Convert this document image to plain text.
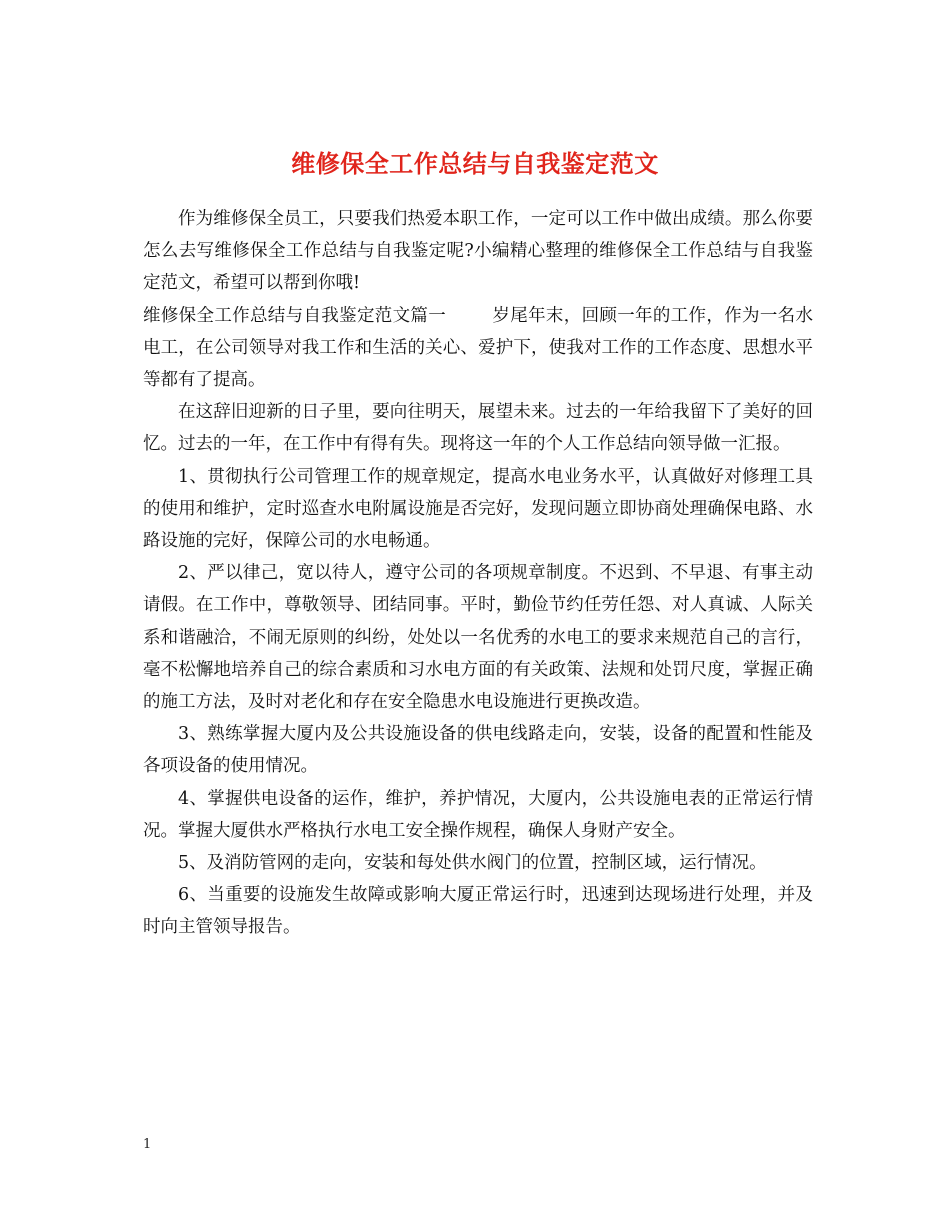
维修保全工作总结与自我鉴定范文

作为维修保全员工，只要我们热爱本职工作，一定可以工作中做出成绩。那么你要怎么去写维修保全工作总结与自我鉴定呢?小编精心整理的维修保全工作总结与自我鉴定范文，希望可以帮到你哦!

维修保全工作总结与自我鉴定范文篇一	岁尾年末，回顾一年的工作，作为一名水电工，在公司领导对我工作和生活的关心、爱护下，使我对工作的工作态度、思想水平等都有了提高。

在这辞旧迎新的日子里，要向往明天，展望未来。过去的一年给我留下了美好的回忆。过去的一年，在工作中有得有失。现将这一年的个人工作总结向领导做一汇报。

1、贯彻执行公司管理工作的规章规定，提高水电业务水平，认真做好对修理工具的使用和维护，定时巡查水电附属设施是否完好，发现问题立即协商处理确保电路、水路设施的完好，保障公司的水电畅通。

2、严以律己，宽以待人，遵守公司的各项规章制度。不迟到、不早退、有事主动请假。在工作中，尊敬领导、团结同事。平时，勤俭节约任劳任怨、对人真诚、人际关系和谐融洽，不闹无原则的纠纷，处处以一名优秀的水电工的要求来规范自己的言行，毫不松懈地培养自己的综合素质和习水电方面的有关政策、法规和处罚尺度，掌握正确的施工方法，及时对老化和存在安全隐患水电设施进行更换改造。

3、熟练掌握大厦内及公共设施设备的供电线路走向，安装，设备的配置和性能及各项设备的使用情况。

4、掌握供电设备的运作，维护，养护情况，大厦内，公共设施电表的正常运行情况。掌握大厦供水严格执行水电工安全操作规程，确保人身财产安全。

5、及消防管网的走向，安装和每处供水阀门的位置，控制区域，运行情况。

6、当重要的设施发生故障或影响大厦正常运行时，迅速到达现场进行处理，并及时向主管领导报告。

1
